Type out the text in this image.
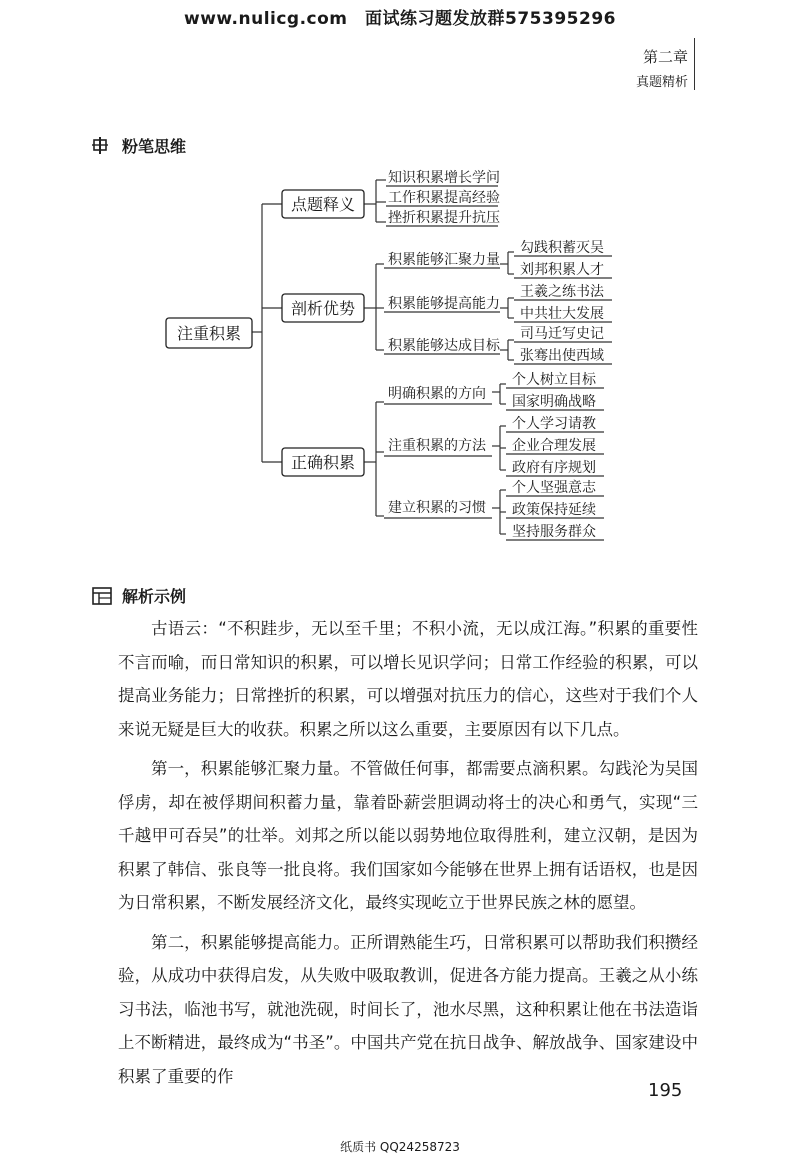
www.nulicg.com　面试练习题发放群575395296
第二章
真题精析
粉笔思维
注重积累
点题释义
剖析优势
正确积累
知识积累增长学问
工作积累提高经验
挫折积累提升抗压
积累能够汇聚力量
积累能够提高能力
积累能够达成目标
勾践积蓄灭吴
刘邦积累人才
王羲之练书法
中共壮大发展
司马迁写史记
张骞出使西域
明确积累的方向
注重积累的方法
建立积累的习惯
个人树立目标
国家明确战略
个人学习请教
企业合理发展
政府有序规划
个人坚强意志
政策保持延续
坚持服务群众
解析示例

古语云：“不积跬步，无以至千里；不积小流，无以成江海。”积累的重要性不言而喻，而日常知识的积累，可以增长见识学问；日常工作经验的积累，可以提高业务能力；日常挫折的积累，可以增强对抗压力的信心，这些对于我们个人来说无疑是巨大的收获。积累之所以这么重要，主要原因有以下几点。

第一，积累能够汇聚力量。不管做任何事，都需要点滴积累。勾践沦为吴国俘虏，却在被俘期间积蓄力量，靠着卧薪尝胆调动将士的决心和勇气，实现“三千越甲可吞吴”的壮举。刘邦之所以能以弱势地位取得胜利，建立汉朝，是因为积累了韩信、张良等一批良将。我们国家如今能够在世界上拥有话语权，也是因为日常积累，不断发展经济文化，最终实现屹立于世界民族之林的愿望。

第二，积累能够提高能力。正所谓熟能生巧，日常积累可以帮助我们积攒经验，从成功中获得启发，从失败中吸取教训，促进各方能力提高。王羲之从小练习书法，临池书写，就池洗砚，时间长了，池水尽黑，这种积累让他在书法造诣上不断精进，最终成为“书圣”。中国共产党在抗日战争、解放战争、国家建设中积累了重要的作

195
纸质书 QQ24258723
